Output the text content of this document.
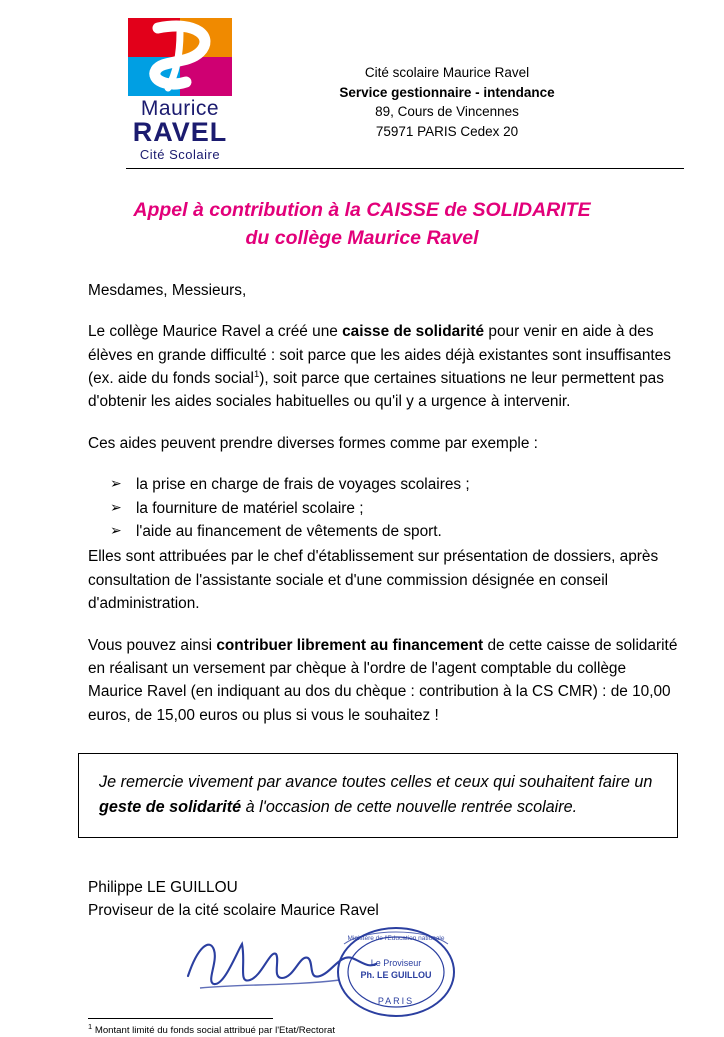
Maurice
RAVEL
Cité Scolaire
Cité scolaire Maurice Ravel
Service gestionnaire - intendance
89, Cours de Vincennes
75971 PARIS Cedex 20
Appel à contribution à la CAISSE de SOLIDARITE
du collège Maurice Ravel

Mesdames, Messieurs,

Le collège Maurice Ravel a créé une caisse de solidarité pour venir en aide à des élèves en grande difficulté : soit parce que les aides déjà existantes sont insuffisantes (ex. aide du fonds social$^1$), soit parce que certaines situations ne leur permettent pas d'obtenir les aides sociales habituelles ou qu'il y a urgence à intervenir.

Ces aides peuvent prendre diverses formes comme par exemple :

➢ la prise en charge de frais de voyages scolaires ;
➢ la fourniture de matériel scolaire ;
➢ l'aide au financement de vêtements de sport.

Elles sont attribuées par le chef d'établissement sur présentation de dossiers, après consultation de l'assistante sociale et d'une commission désignée en conseil d'administration.

Vous pouvez ainsi contribuer librement au financement de cette caisse de solidarité en réalisant un versement par chèque à l'ordre de l'agent comptable du collège Maurice Ravel (en indiquant au dos du chèque : contribution à la CS CMR) : de 10,00 euros, de 15,00 euros ou plus si vous le souhaitez !

Je remercie vivement par avance toutes celles et ceux qui souhaitent faire un geste de solidarité à l'occasion de cette nouvelle rentrée scolaire.
Philippe LE GUILLOU
Proviseur de la cité scolaire Maurice Ravel
Le Proviseur
Ph. LE GUILLOU
PARIS
Ministère de l'Education nationale
$^1$ Montant limité du fonds social attribué par l'Etat/Rectorat
